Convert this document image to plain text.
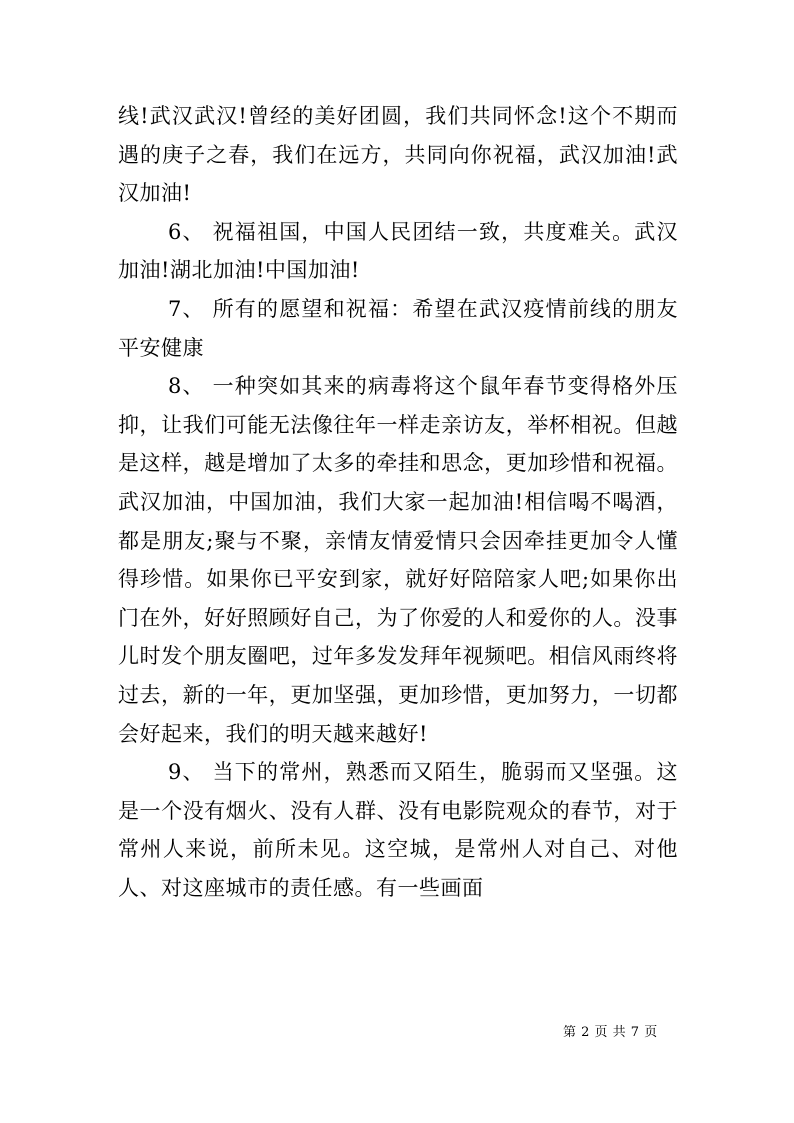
线!武汉武汉!曾经的美好团圆，我们共同怀念!这个不期而遇的庚子之春，我们在远方，共同向你祝福，武汉加油!武汉加油!

6、 祝福祖国，中国人民团结一致，共度难关。武汉加油!湖北加油!中国加油!

7、 所有的愿望和祝福：希望在武汉疫情前线的朋友平安健康

8、 一种突如其来的病毒将这个鼠年春节变得格外压抑，让我们可能无法像往年一样走亲访友，举杯相祝。但越是这样，越是增加了太多的牵挂和思念，更加珍惜和祝福。武汉加油，中国加油，我们大家一起加油!相信喝不喝酒，都是朋友;聚与不聚，亲情友情爱情只会因牵挂更加令人懂得珍惜。如果你已平安到家，就好好陪陪家人吧;如果你出门在外，好好照顾好自己，为了你爱的人和爱你的人。没事儿时发个朋友圈吧，过年多发发拜年视频吧。相信风雨终将过去，新的一年，更加坚强，更加珍惜，更加努力，一切都会好起来，我们的明天越来越好!

9、 当下的常州，熟悉而又陌生，脆弱而又坚强。这是一个没有烟火、没有人群、没有电影院观众的春节，对于常州人来说，前所未见。这空城，是常州人对自己、对他人、对这座城市的责任感。有一些画面

第 2 页 共 7 页
